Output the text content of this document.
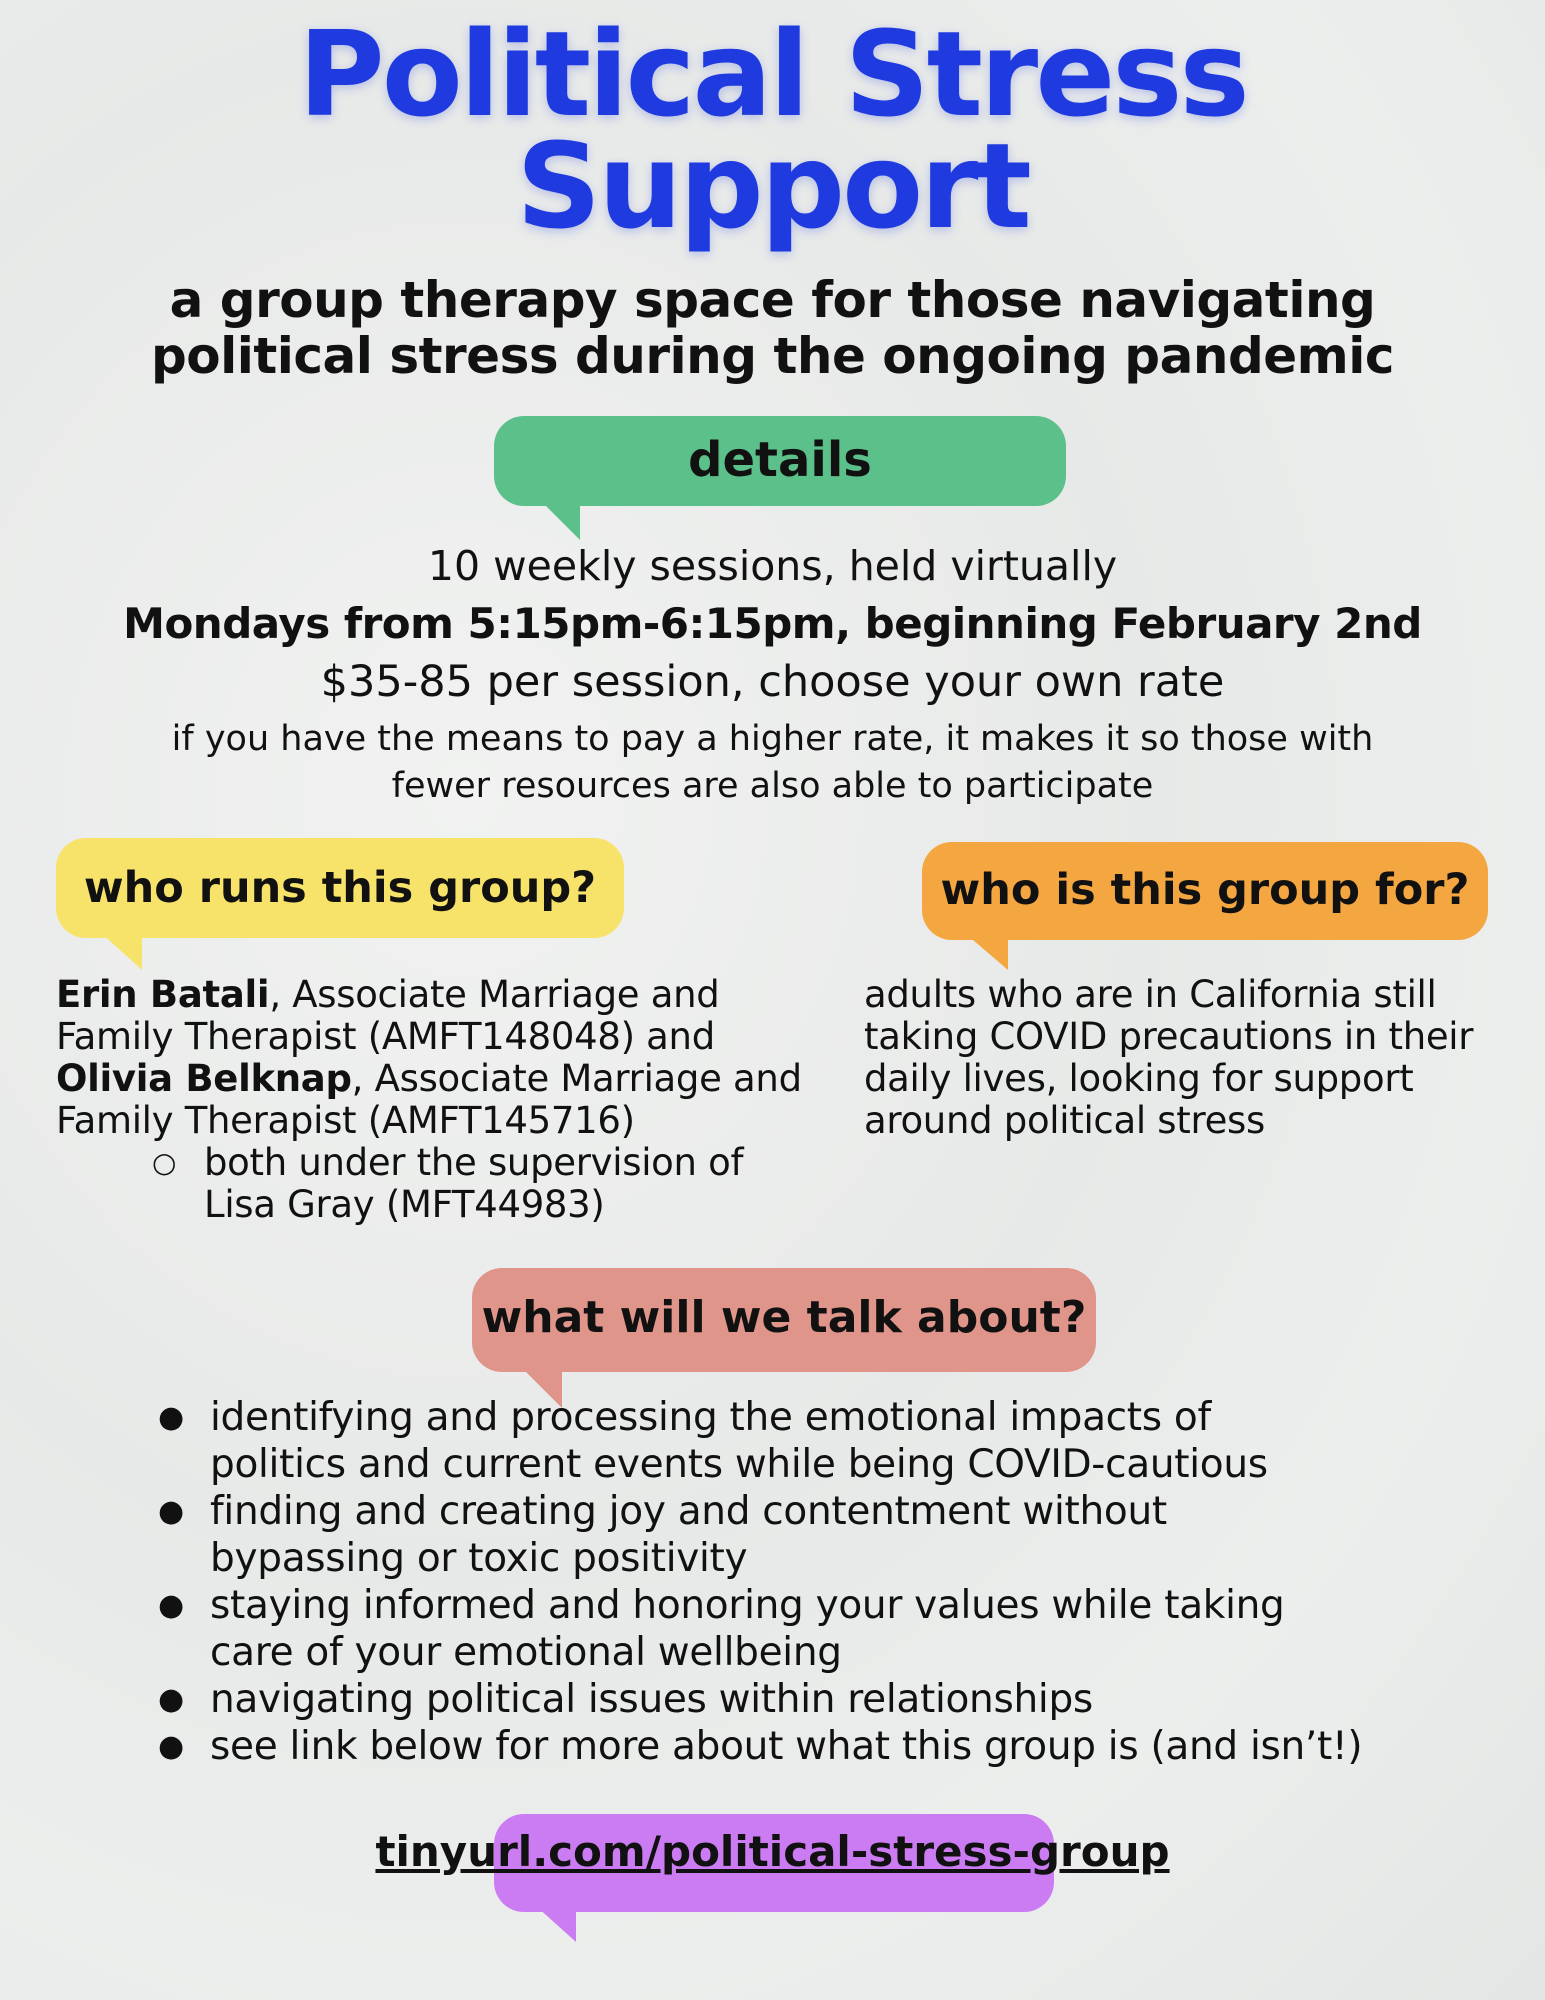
Political Stress
Support
a group therapy space for those navigating
political stress during the ongoing pandemic
details
10 weekly sessions, held virtually
Mondays from 5:15pm-6:15pm, beginning February 2nd
$35-85 per session, choose your own rate
if you have the means to pay a higher rate, it makes it so those with
fewer resources are also able to participate
who runs this group?	who is this group for?
Erin Batali, Associate Marriage and
Family Therapist (AMFT148048) and
Olivia Belknap, Associate Marriage and
Family Therapist (AMFT145716)
○ both under the supervision of
Lisa Gray (MFT44983)
adults who are in California still
taking COVID precautions in their
daily lives, looking for support
around political stress
what will we talk about?
● identifying and processing the emotional impacts of
politics and current events while being COVID-cautious
● finding and creating joy and contentment without
bypassing or toxic positivity
● staying informed and honoring your values while taking
care of your emotional wellbeing
● navigating political issues within relationships
● see link below for more about what this group is (and isn’t!)
tinyurl.com/political-stress-group
